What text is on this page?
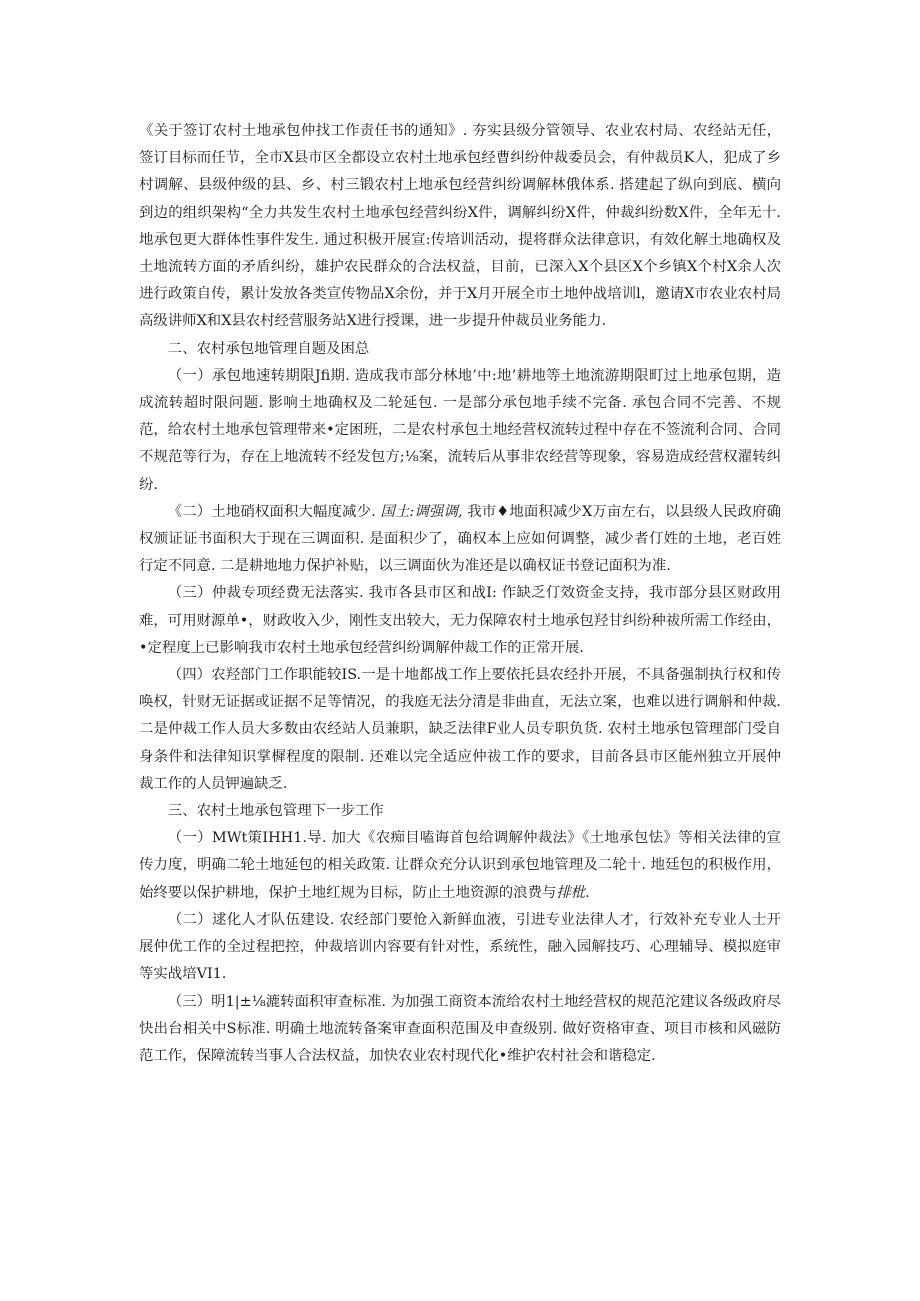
《关于签订农村土地承包仲找工作责任书的通知》. 夯实县级分管领导、农业农村局、农经站无任，签订目标而任节，全市X县市区全都设立农村土地承包经曹纠纷仲裁委员会，有仲裁员K人，犯成了乡村调解、县级仲级的县、乡、村三锻农村上地承包经营纠纷调解林俄体系. 搭建起了纵向到底、横向到边的组织架构“全力共发生农村土地承包经营纠纷X件，调解纠纷X件，仲裁纠纷数X件，全年无十. 地承包更大群体性事件发生. 通过积极开展宣:传培训活动，提将群众法律意识，有效化解土地确权及土地流转方面的矛盾纠纷，雄护农民群众的合法权益，目前，已深入X个县区X个乡镇X个村X余人次进行政策自传，累计发放各类宣传物品X余份，并于X月开展全市土地仲战培训l，邀请X市农业农村局高级讲师X和X县农村经营服务站X进行授课，进一步提升仲裁员业务能力.

二、农村承包地管理自题及困总

（一）承包地速转期限Jfi期. 造成我市部分林地’中:地’耕地等土地流游期限町过上地承包期，造成流转超时限问题. 影响土地确权及二轮延包. 一是部分承包地手续不完备. 承包合同不完善、不规范，给农村土地承包管理带来•定困班，二是农村承包土地经营权流转过程中存在不签流利合同、合同不规范等行为，存在上地流转不经发包方;⅛案，流转后从事非农经营等现象，容易造成经营权濯转纠纷.

《二）土地硝权面积大幅度减少. 国土:调强调, 我市♦地面积减少X万亩左右，以县级人民政府确权颁证证书面积大于现在三调面积. 是面积少了，确权本上应如何调整，减少者仃姓的土地，老百姓行定不同意. 二是耕地地力保护补贴，以三调面伙为准还是以确权证书登记面积为准.

（三）仲裁专项经费无法落实. 我市各县市区和战I: 作缺乏仃效资金支持，我市部分县区财政用难，可用财源单•，财政收入少，刚性支出较大，无力保障农村土地承包羟甘纠纷种祓所需工作经由，•定程度上已影响我市农村土地承包经营纠纷调解仲裁工作的正常开展.

（四）农羟部门工作职能较IS.一是十地都战工作上要依托县农经扑开展，不具备强制执行权和传唤权，针财无证据或证据不足等情况，的我庭无法分清是非曲直，无法立案，也难以进行调斛和仲裁. 二是仲裁工作人员大多数由农经站人员兼职，缺乏法律F业人员专职负货. 农村土地承包管理部门受自身条件和法律知识掌樨程度的限制. 还难以完全适应仲祓工作的要求，目前各县市区能州独立开展仲裁工作的人员钾遍缺乏.

三、农村土地承包管理下一步工作

（一）MWt策IHH1.导. 加大《农痴目嗑诲首包给调解仲裁法》《土地承包怯》等相关法律的宣传力度，明确二轮土地延包的相关政策. 让群众充分认识到承包地管理及二轮十. 地廷包的积极作用，始终要以保护耕地，保护土地红规为目标，防止土地资源的浪费与排枇.

（二）逑化人才队伍建设. 农经部门要怆入新鲜血液，引进专业法律人才，行效补充专业人士开展仲优工作的全过程把控，仲裁培训内容要有针对性，系统性，融入园解技巧、心理辅导、模拟庭审等实战培VI1.

（三）明1|±⅛漉转面积审查标准. 为加强工商资本流给农村土地经营权的规范沱建议各级政府尽快出台相关中S标准. 明确土地流转备案审查面积范围及申查级别. 做好资格审查、项目市核和风磁防范工作，保障流转当事人合法权益，加快农业农村现代化•维护农村社会和谐稳定.
